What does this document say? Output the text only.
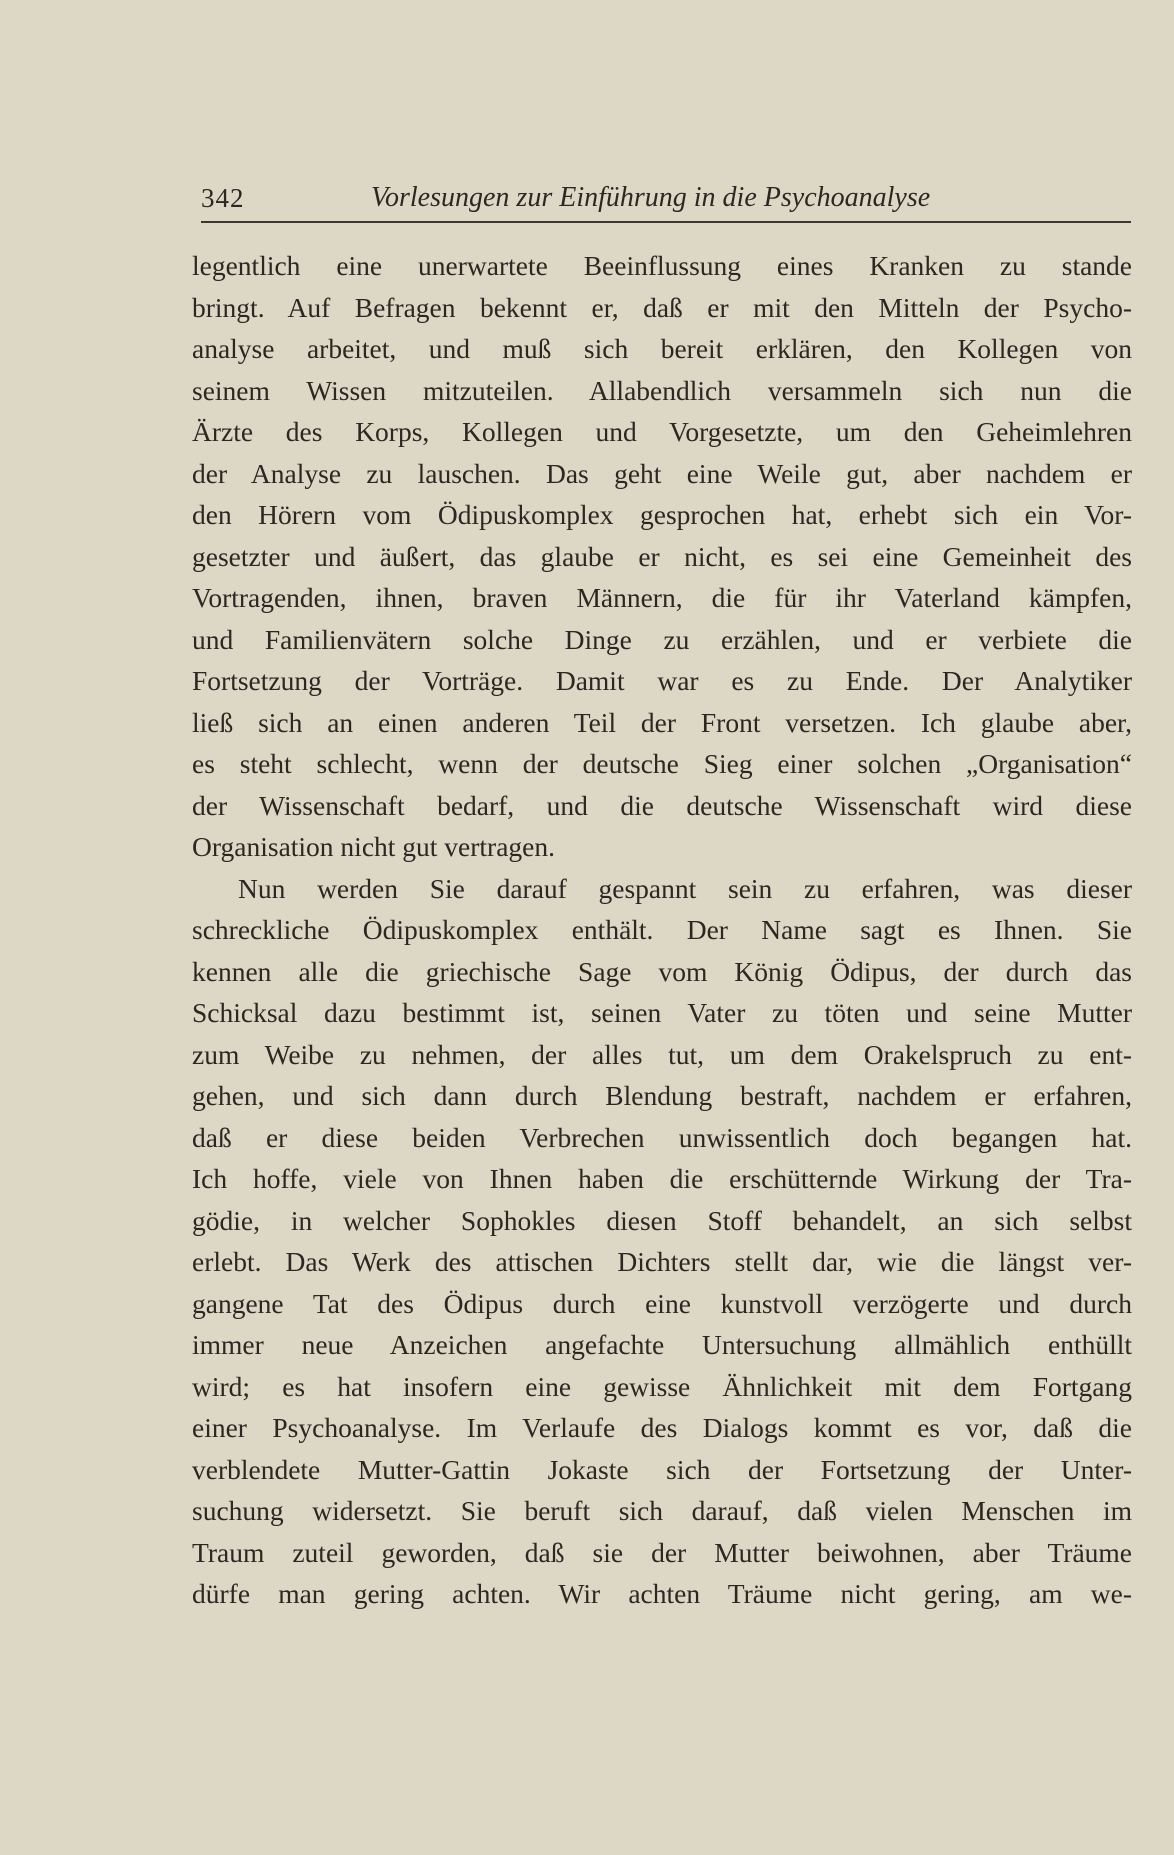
342	Vorlesungen zur Einführung in die Psychoanalyse
legentlich eine unerwartete Beeinflussung eines Kranken zu stande
bringt. Auf Befragen bekennt er, daß er mit den Mitteln der Psycho-
analyse arbeitet, und muß sich bereit erklären, den Kollegen von
seinem Wissen mitzuteilen. Allabendlich versammeln sich nun die
Ärzte des Korps, Kollegen und Vorgesetzte, um den Geheimlehren
der Analyse zu lauschen. Das geht eine Weile gut, aber nachdem er
den Hörern vom Ödipuskomplex gesprochen hat, erhebt sich ein Vor-
gesetzter und äußert, das glaube er nicht, es sei eine Gemeinheit des
Vortragenden, ihnen, braven Männern, die für ihr Vaterland kämpfen,
und Familienvätern solche Dinge zu erzählen, und er verbiete die
Fortsetzung der Vorträge. Damit war es zu Ende. Der Analytiker
ließ sich an einen anderen Teil der Front versetzen. Ich glaube aber,
es steht schlecht, wenn der deutsche Sieg einer solchen „Organisation“
der Wissenschaft bedarf, und die deutsche Wissenschaft wird diese
Organisation nicht gut vertragen.
Nun werden Sie darauf gespannt sein zu erfahren, was dieser
schreckliche Ödipuskomplex enthält. Der Name sagt es Ihnen. Sie
kennen alle die griechische Sage vom König Ödipus, der durch das
Schicksal dazu bestimmt ist, seinen Vater zu töten und seine Mutter
zum Weibe zu nehmen, der alles tut, um dem Orakelspruch zu ent-
gehen, und sich dann durch Blendung bestraft, nachdem er erfahren,
daß er diese beiden Verbrechen unwissentlich doch begangen hat.
Ich hoffe, viele von Ihnen haben die erschütternde Wirkung der Tra-
gödie, in welcher Sophokles diesen Stoff behandelt, an sich selbst
erlebt. Das Werk des attischen Dichters stellt dar, wie die längst ver-
gangene Tat des Ödipus durch eine kunstvoll verzögerte und durch
immer neue Anzeichen angefachte Untersuchung allmählich enthüllt
wird; es hat insofern eine gewisse Ähnlichkeit mit dem Fortgang
einer Psychoanalyse. Im Verlaufe des Dialogs kommt es vor, daß die
verblendete Mutter-Gattin Jokaste sich der Fortsetzung der Unter-
suchung widersetzt. Sie beruft sich darauf, daß vielen Menschen im
Traum zuteil geworden, daß sie der Mutter beiwohnen, aber Träume
dürfe man gering achten. Wir achten Träume nicht gering, am we-
